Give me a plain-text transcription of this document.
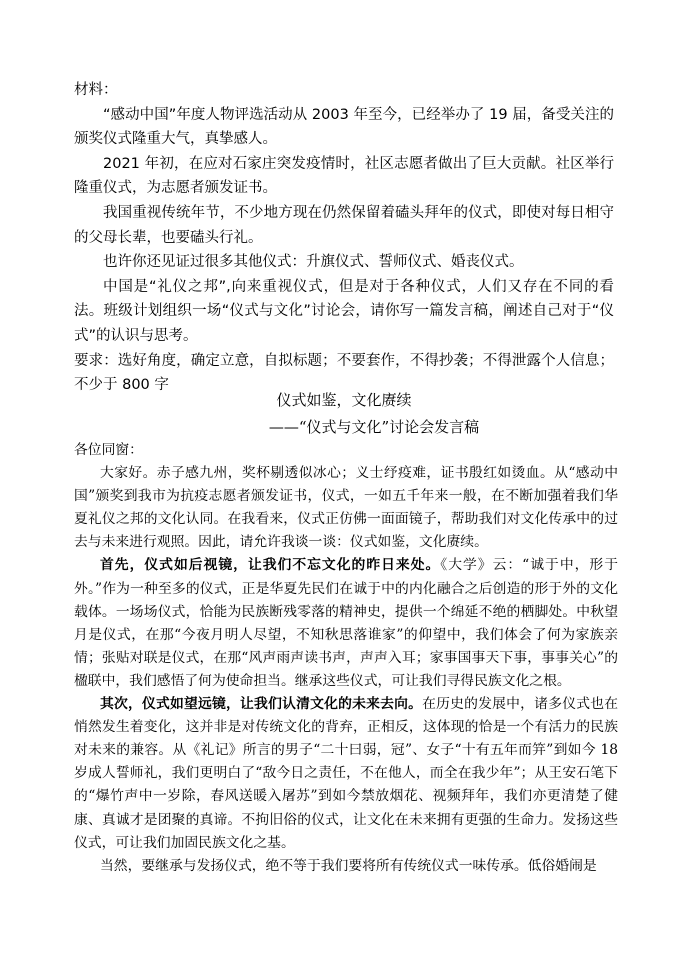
材料：

“感动中国”年度人物评选活动从 2003 年至今，已经举办了 19 届，备受关注的颁奖仪式隆重大气，真挚感人。

2021 年初，在应对石家庄突发疫情时，社区志愿者做出了巨大贡献。社区举行隆重仪式，为志愿者颁发证书。

我国重视传统年节，不少地方现在仍然保留着磕头拜年的仪式，即使对每日相守的父母长辈，也要磕头行礼。

也许你还见证过很多其他仪式：升旗仪式、誓师仪式、婚丧仪式。

中国是“礼仪之邦”,向来重视仪式，但是对于各种仪式，人们又存在不同的看法。班级计划组织一场“仪式与文化”讨论会，请你写一篇发言稿，阐述自己对于“仪式”的认识与思考。

要求：选好角度，确定立意，自拟标题；不要套作，不得抄袭；不得泄露个人信息；不少于 800 字

仪式如鉴，文化赓续
——“仪式与文化”讨论会发言稿

各位同窗：

大家好。赤子感九州，奖杯剔透似冰心；义士纾疫难，证书殷红如烫血。从“感动中国”颁奖到我市为抗疫志愿者颁发证书，仪式，一如五千年来一般，在不断加强着我们华夏礼仪之邦的文化认同。在我看来，仪式正仿佛一面面镜子，帮助我们对文化传承中的过去与未来进行观照。因此，请允许我谈一谈：仪式如鉴，文化赓续。

首先，仪式如后视镜，让我们不忘文化的昨日来处。《大学》云：“诚于中，形于外。”作为一种至多的仪式，正是华夏先民们在诚于中的内化融合之后创造的形于外的文化载体。一场场仪式，恰能为民族断残零落的精神史，提供一个绵延不绝的栖脚处。中秋望月是仪式，在那“今夜月明人尽望，不知秋思落谁家”的仰望中，我们体会了何为家族亲情；张贴对联是仪式，在那“风声雨声读书声，声声入耳；家事国事天下事，事事关心”的楹联中，我们感悟了何为使命担当。继承这些仪式，可让我们寻得民族文化之根。

其次，仪式如望远镜，让我们认清文化的未来去向。在历史的发展中，诸多仪式也在悄然发生着变化，这并非是对传统文化的背弃，正相反，这体现的恰是一个有活力的民族对未来的兼容。从《礼记》所言的男子“二十曰弱，冠”、女子“十有五年而笄”到如今 18 岁成人誓师礼，我们更明白了“敌今日之责任，不在他人，而全在我少年”；从王安石笔下的“爆竹声中一岁除，春风送暖入屠苏”到如今禁放烟花、视频拜年，我们亦更清楚了健康、真诚才是团聚的真谛。不拘旧俗的仪式，让文化在未来拥有更强的生命力。发扬这些仪式，可让我们加固民族文化之基。

当然，要继承与发扬仪式，绝不等于我们要将所有传统仪式一味传承。低俗婚闹是
